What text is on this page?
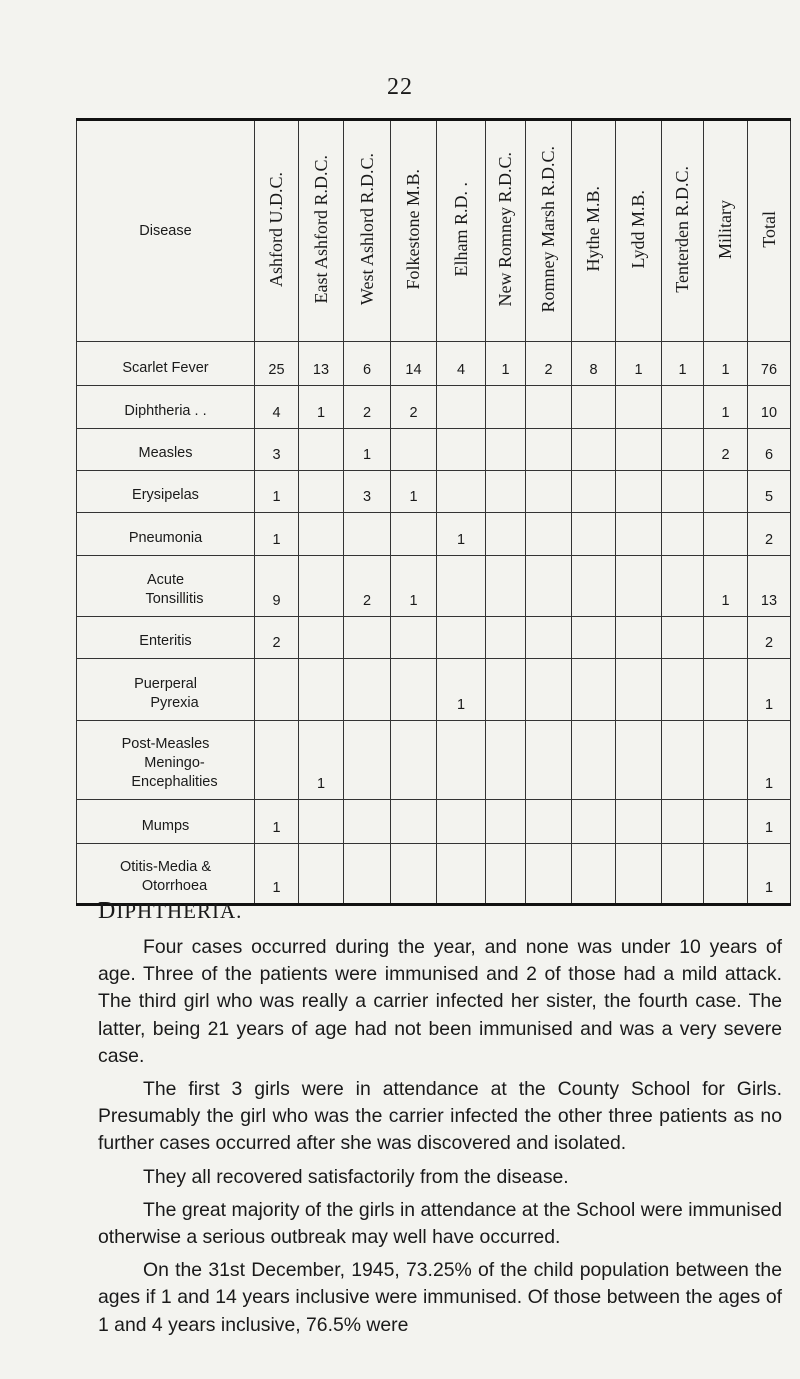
22
Disease	Ashford U.D.C.	East Ashford R.D.C.	West Ashlord R.D.C.	Folkestone M.B.	Elham R.D. .	New Romney R.D.C.	Romney Marsh R.D.C.	Hythe M.B.	Lydd M.B.	Tenterden R.D.C.	Military	Total

Scarlet Fever	25	13	6	14	4	1	2	8	1	1	1	76

Diphtheria . .	4	1	2	2							1	10

Measles	3		1								2	6

Erysipelas	1		3	1								5

Pneumonia	1				1							2

Acute
Tonsillitis	9		2	1							1	13

Enteritis	2											2

Puerperal
Pyrexia					1							1

Post-Measles
Meningo-
Encephalities		1										1

Mumps	1											1

Otitis-Media &
Otorrhoea	1											1
DIPHTHERIA.

Four cases occurred during the year, and none was under 10 years of age. Three of the patients were immunised and 2 of those had a mild attack. The third girl who was really a carrier infected her sister, the fourth case. The latter, being 21 years of age had not been immunised and was a very severe case.

The first 3 girls were in attendance at the County School for Girls. Presumably the girl who was the carrier infected the other three patients as no further cases occurred after she was discovered and isolated.

They all recovered satisfactorily from the disease.

The great majority of the girls in attendance at the School were immunised otherwise a serious outbreak may well have occurred.

On the 31st December, 1945, 73.25% of the child population between the ages if 1 and 14 years inclusive were immunised. Of those between the ages of 1 and 4 years inclusive, 76.5% were
